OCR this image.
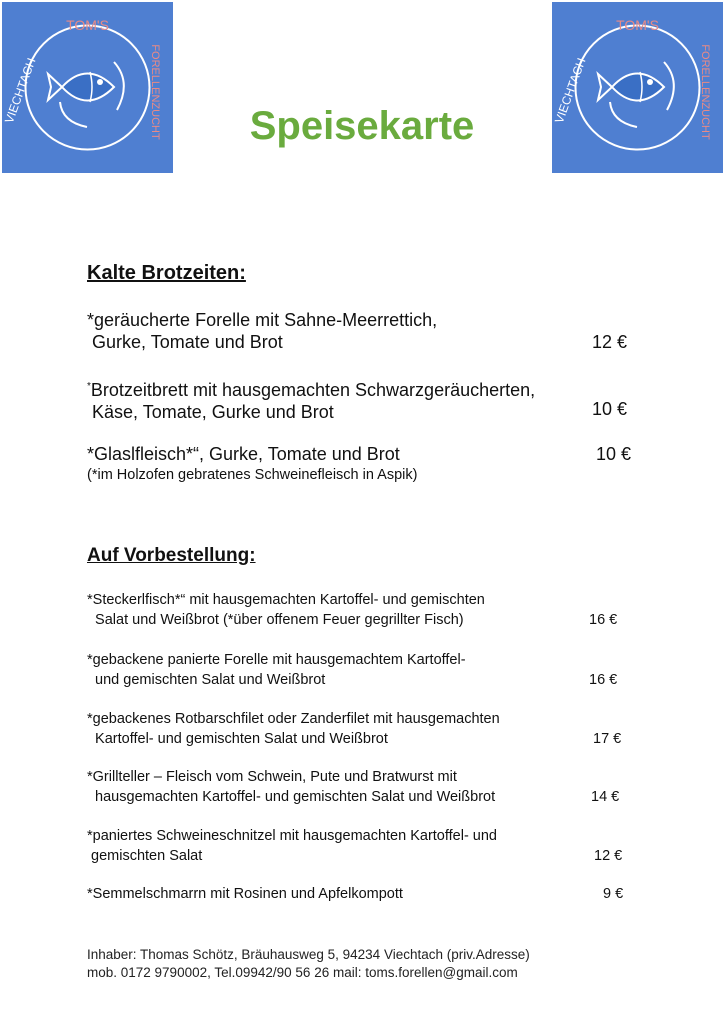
TOM'S
FORELLENZUCHT
VIECHTACH
TOM'S
FORELLENZUCHT
VIECHTACH
Speisekarte
Kalte Brotzeiten:
*geräucherte Forelle mit Sahne-Meerrettich,
Gurke, Tomate und Brot	12 €
*Brotzeitbrett mit hausgemachten Schwarzgeräucherten,
Käse, Tomate, Gurke und Brot	10 €
*Glaslfleisch*“, Gurke, Tomate und Brot
(*im Holzofen gebratenes Schweinefleisch in Aspik)
10 €
Auf Vorbestellung:
*Steckerlfisch*“ mit hausgemachten Kartoffel- und gemischten
Salat und Weißbrot (*über offenem Feuer gegrillter Fisch)	16 €
*gebackene panierte Forelle mit hausgemachtem Kartoffel-
und gemischten Salat und Weißbrot	16 €
*gebackenes Rotbarschfilet oder Zanderfilet mit hausgemachten
Kartoffel- und gemischten Salat und Weißbrot	17 €
*Grillteller – Fleisch vom Schwein, Pute und Bratwurst mit
hausgemachten Kartoffel- und gemischten Salat und Weißbrot	14 €
*paniertes Schweineschnitzel mit hausgemachten Kartoffel- und
gemischten Salat	12 €
*Semmelschmarrn mit Rosinen und Apfelkompott	9 €
Inhaber: Thomas Schötz, Bräuhausweg 5, 94234 Viechtach (priv.Adresse)
mob. 0172 9790002, Tel.09942/90 56 26 mail: toms.forellen@gmail.com
